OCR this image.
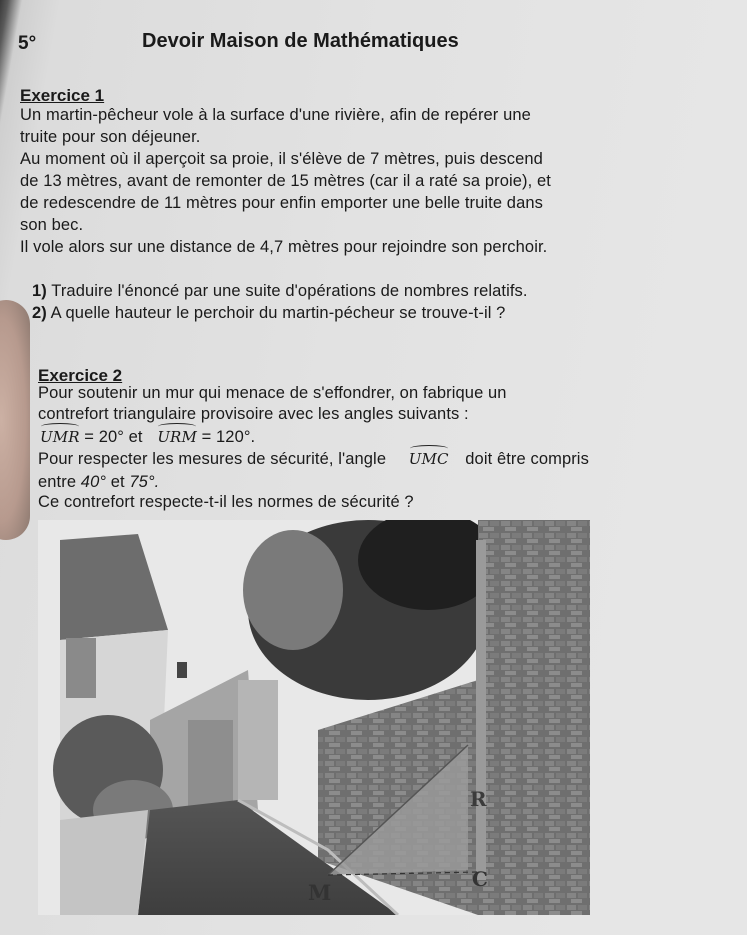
5°	Devoir Maison de Mathématiques
Exercice 1
Un martin-pêcheur vole à la surface d'une rivière, afin de repérer une
truite pour son déjeuner.
Au moment où il aperçoit sa proie, il s'élève de 7 mètres, puis descend
de 13 mètres, avant de remonter de 15 mètres (car il a raté sa proie), et
de redescendre de 11 mètres pour enfin emporter une belle truite dans
son bec.
Il vole alors sur une distance de 4,7 mètres pour rejoindre son perchoir.
1) Traduire l'énoncé par une suite d'opérations de nombres relatifs.
2) A quelle hauteur le perchoir du martin-pécheur se trouve-t-il ?
Exercice 2
Pour soutenir un mur qui menace de s'effondrer, on fabrique un
contrefort triangulaire provisoire avec les angles suivants :
UMR = 20° et URM = 120°.
Pour respecter les mesures de sécurité, l'angle UMC doit être compris
entre 40° et 75°.
Ce contrefort respecte-t-il les normes de sécurité ?
R
M
C
